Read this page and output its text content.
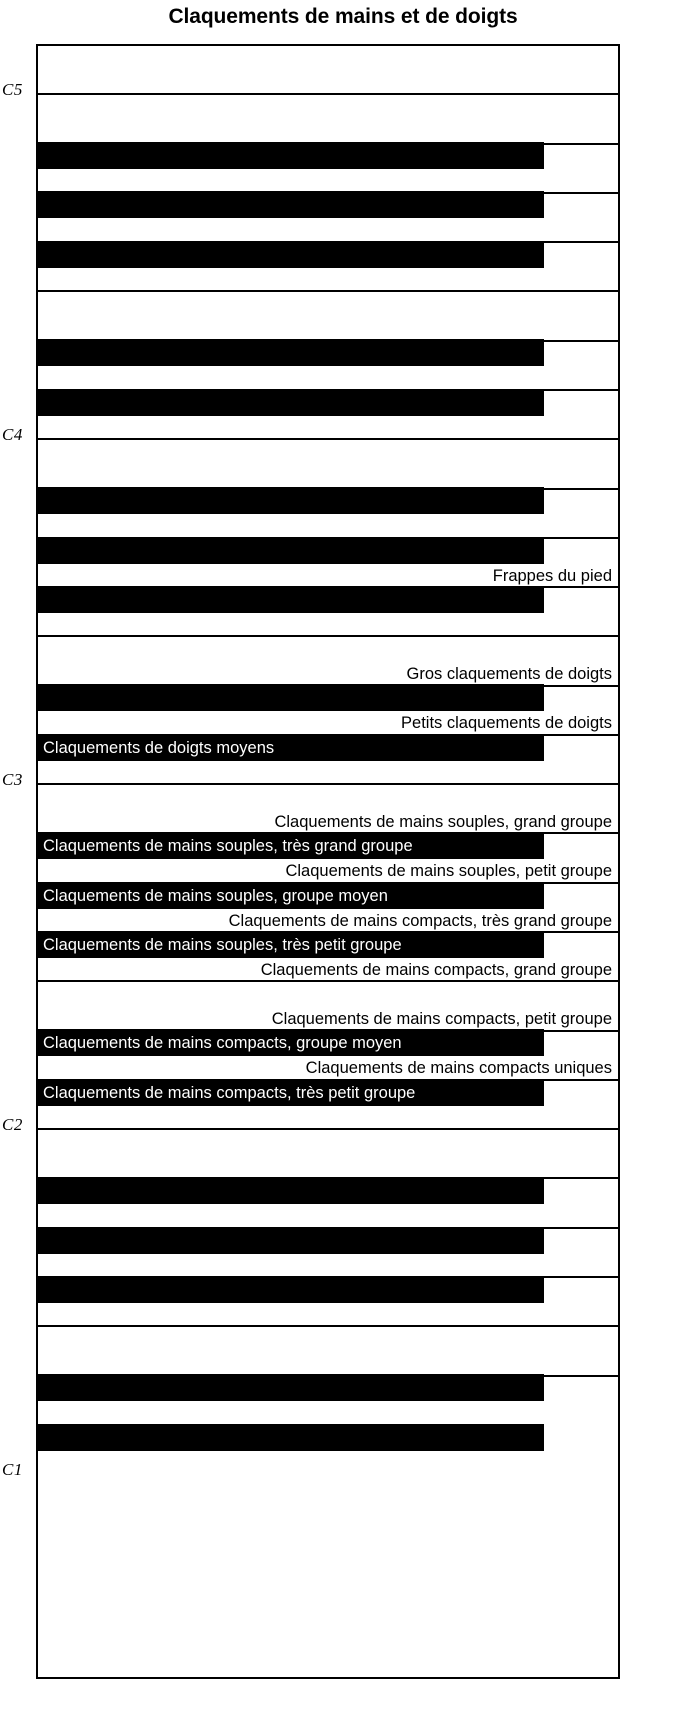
Claquements de mains et de doigts
Frappes du pied
Gros claquements de doigts
Petits claquements de doigts
Claquements de mains souples, grand groupe
Claquements de mains souples, petit groupe
Claquements de mains compacts, très grand groupe
Claquements de mains compacts, grand groupe
Claquements de mains compacts, petit groupe
Claquements de mains compacts uniques
C5
C4
C3
C2
C1
Claquements de doigts moyens
Claquements de mains souples, très grand groupe
Claquements de mains souples, groupe moyen
Claquements de mains souples, très petit groupe
Claquements de mains compacts, groupe moyen
Claquements de mains compacts, très petit groupe
